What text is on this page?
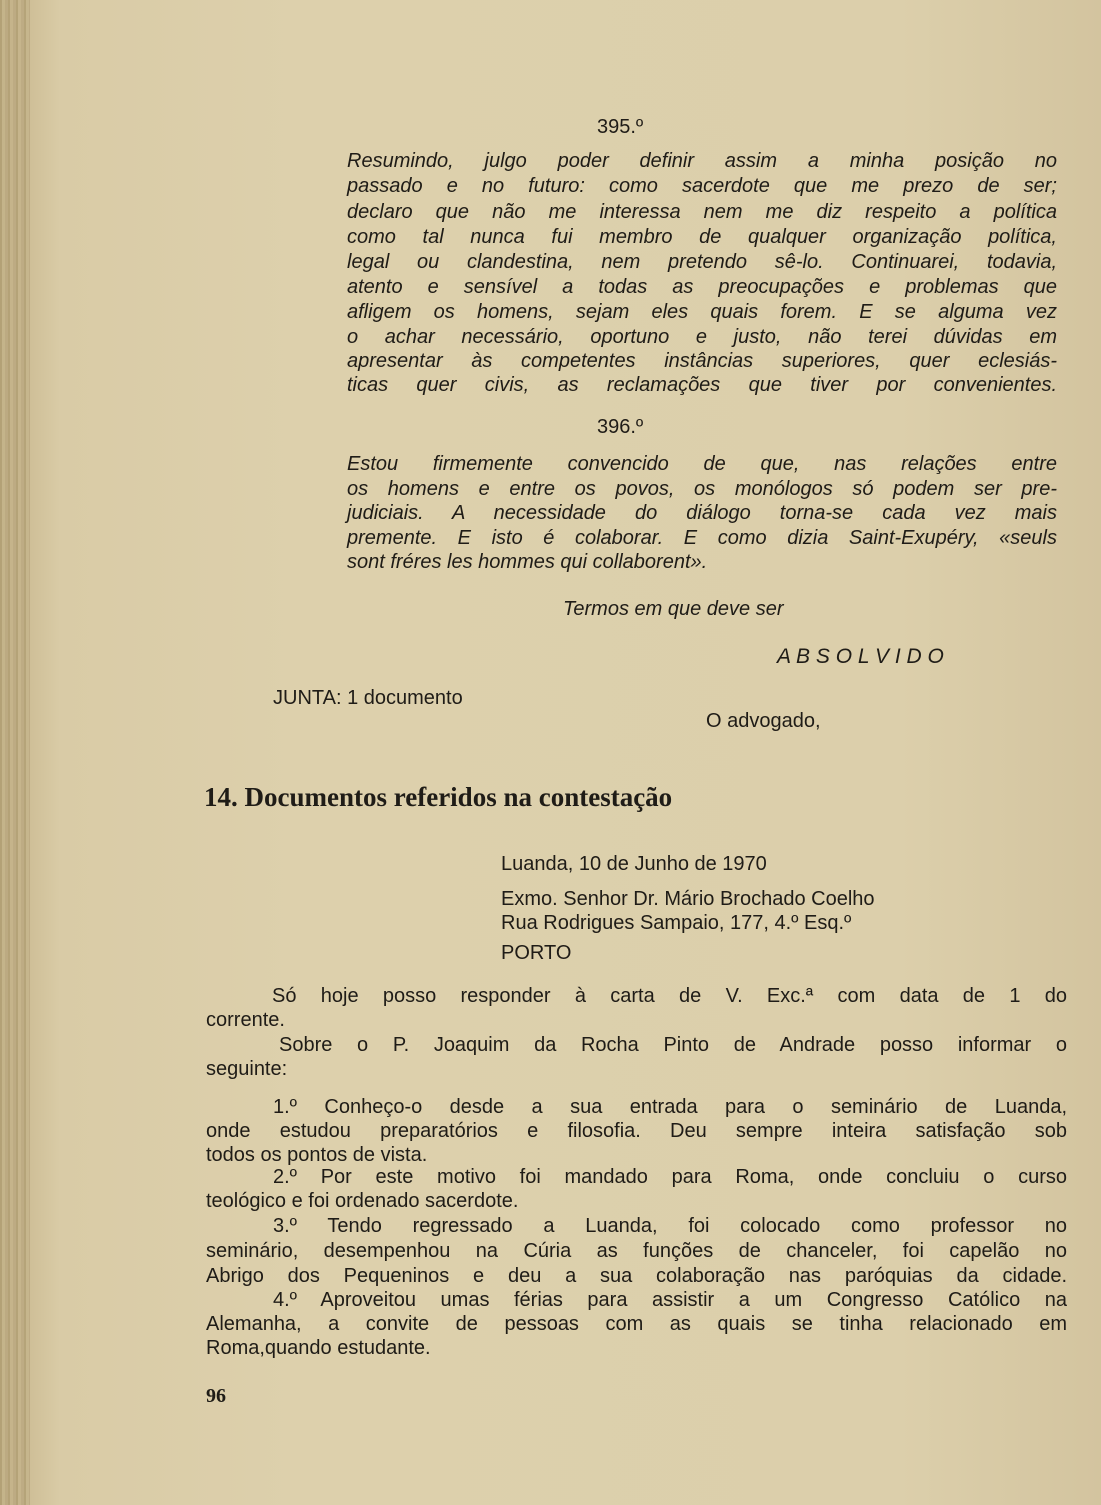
395.º
Resumindo, julgo poder definir assim a minha posição no
passado e no futuro: como sacerdote que me prezo de ser;
declaro que não me interessa nem me diz respeito a política
como tal nunca fui membro de qualquer organização política,
legal ou clandestina, nem pretendo sê-lo. Continuarei, todavia,
atento e sensível a todas as preocupações e problemas que
afligem os homens, sejam eles quais forem. E se alguma vez
o achar necessário, oportuno e justo, não terei dúvidas em
apresentar às competentes instâncias superiores, quer eclesiás-
ticas quer civis, as reclamações que tiver por convenientes.
396.º
Estou firmemente convencido de que, nas relações entre
os homens e entre os povos, os monólogos só podem ser pre-
judiciais. A necessidade do diálogo torna-se cada vez mais
premente. E isto é colaborar. E como dizia Saint-Exupéry, «seuls
sont fréres les hommes qui collaborent».
Termos em que deve ser
A B S O L V I D O
JUNTA: 1 documento
O advogado,
14. Documentos referidos na contestação
Luanda, 10 de Junho de 1970
Exmo. Senhor Dr. Mário Brochado Coelho
Rua Rodrigues Sampaio, 177, 4.º Esq.º
PORTO
Só hoje posso responder à carta de V. Exc.ª com data de 1 do
corrente.
Sobre o P. Joaquim da Rocha Pinto de Andrade posso informar o
seguinte:
1.º Conheço-o desde a sua entrada para o seminário de Luanda,
onde estudou preparatórios e filosofia. Deu sempre inteira satisfação sob
todos os pontos de vista.
2.º Por este motivo foi mandado para Roma, onde concluiu o curso
teológico e foi ordenado sacerdote.
3.º Tendo regressado a Luanda, foi colocado como professor no
seminário, desempenhou na Cúria as funções de chanceler, foi capelão no
Abrigo dos Pequeninos e deu a sua colaboração nas paróquias da cidade.
4.º Aproveitou umas férias para assistir a um Congresso Católico na
Alemanha, a convite de pessoas com as quais se tinha relacionado em
Roma,quando estudante.
96
